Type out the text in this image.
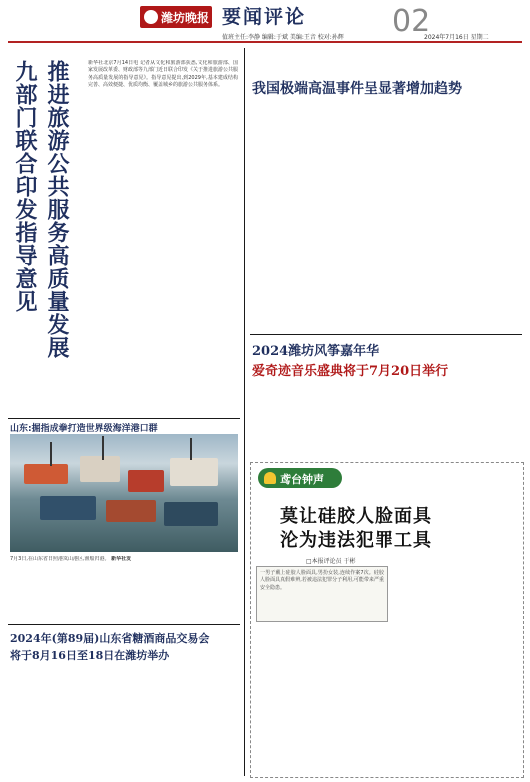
潍坊晚报 要闻评论	02
值班主任:李静 编辑:于斌 美编:王音 校对:孙辉	2024年7月16日 星期二
推进旅游公共服务高质量发展
九部门联合印发指导意见	新华社北京7月14日电 记者从文化和旅游部获悉,文化和旅游部、国家发展改革委、财政部等九部门近日联合印发《关于推进旅游公共服务高质量发展的指导意见》。指导意见提出,到2029年,基本建成结构完善、高效便捷、优质均衡、覆盖城乡的旅游公共服务体系。
山东:掘指成拳打造世界级海洋港口群
7月3日,在山东省日照港岚山港区,渔船归港。 新华社发
2024年(第89届)山东省糖酒商品交易会
将于8月16日至18日在潍坊举办
我国极端高温事件呈显著增加趋势
2024潍坊风筝嘉年华
爱奇迹音乐盛典将于7月20日举行
鸢台钟声
莫让硅胶人脸面具
沦为违法犯罪工具
□本报评论员 于彬
一男子戴上硅胶人脸面具,男扮女装,连续作案7次。硅胶人脸面具真假难辨,若被违法犯罪分子利用,可能带来严重安全隐患。
